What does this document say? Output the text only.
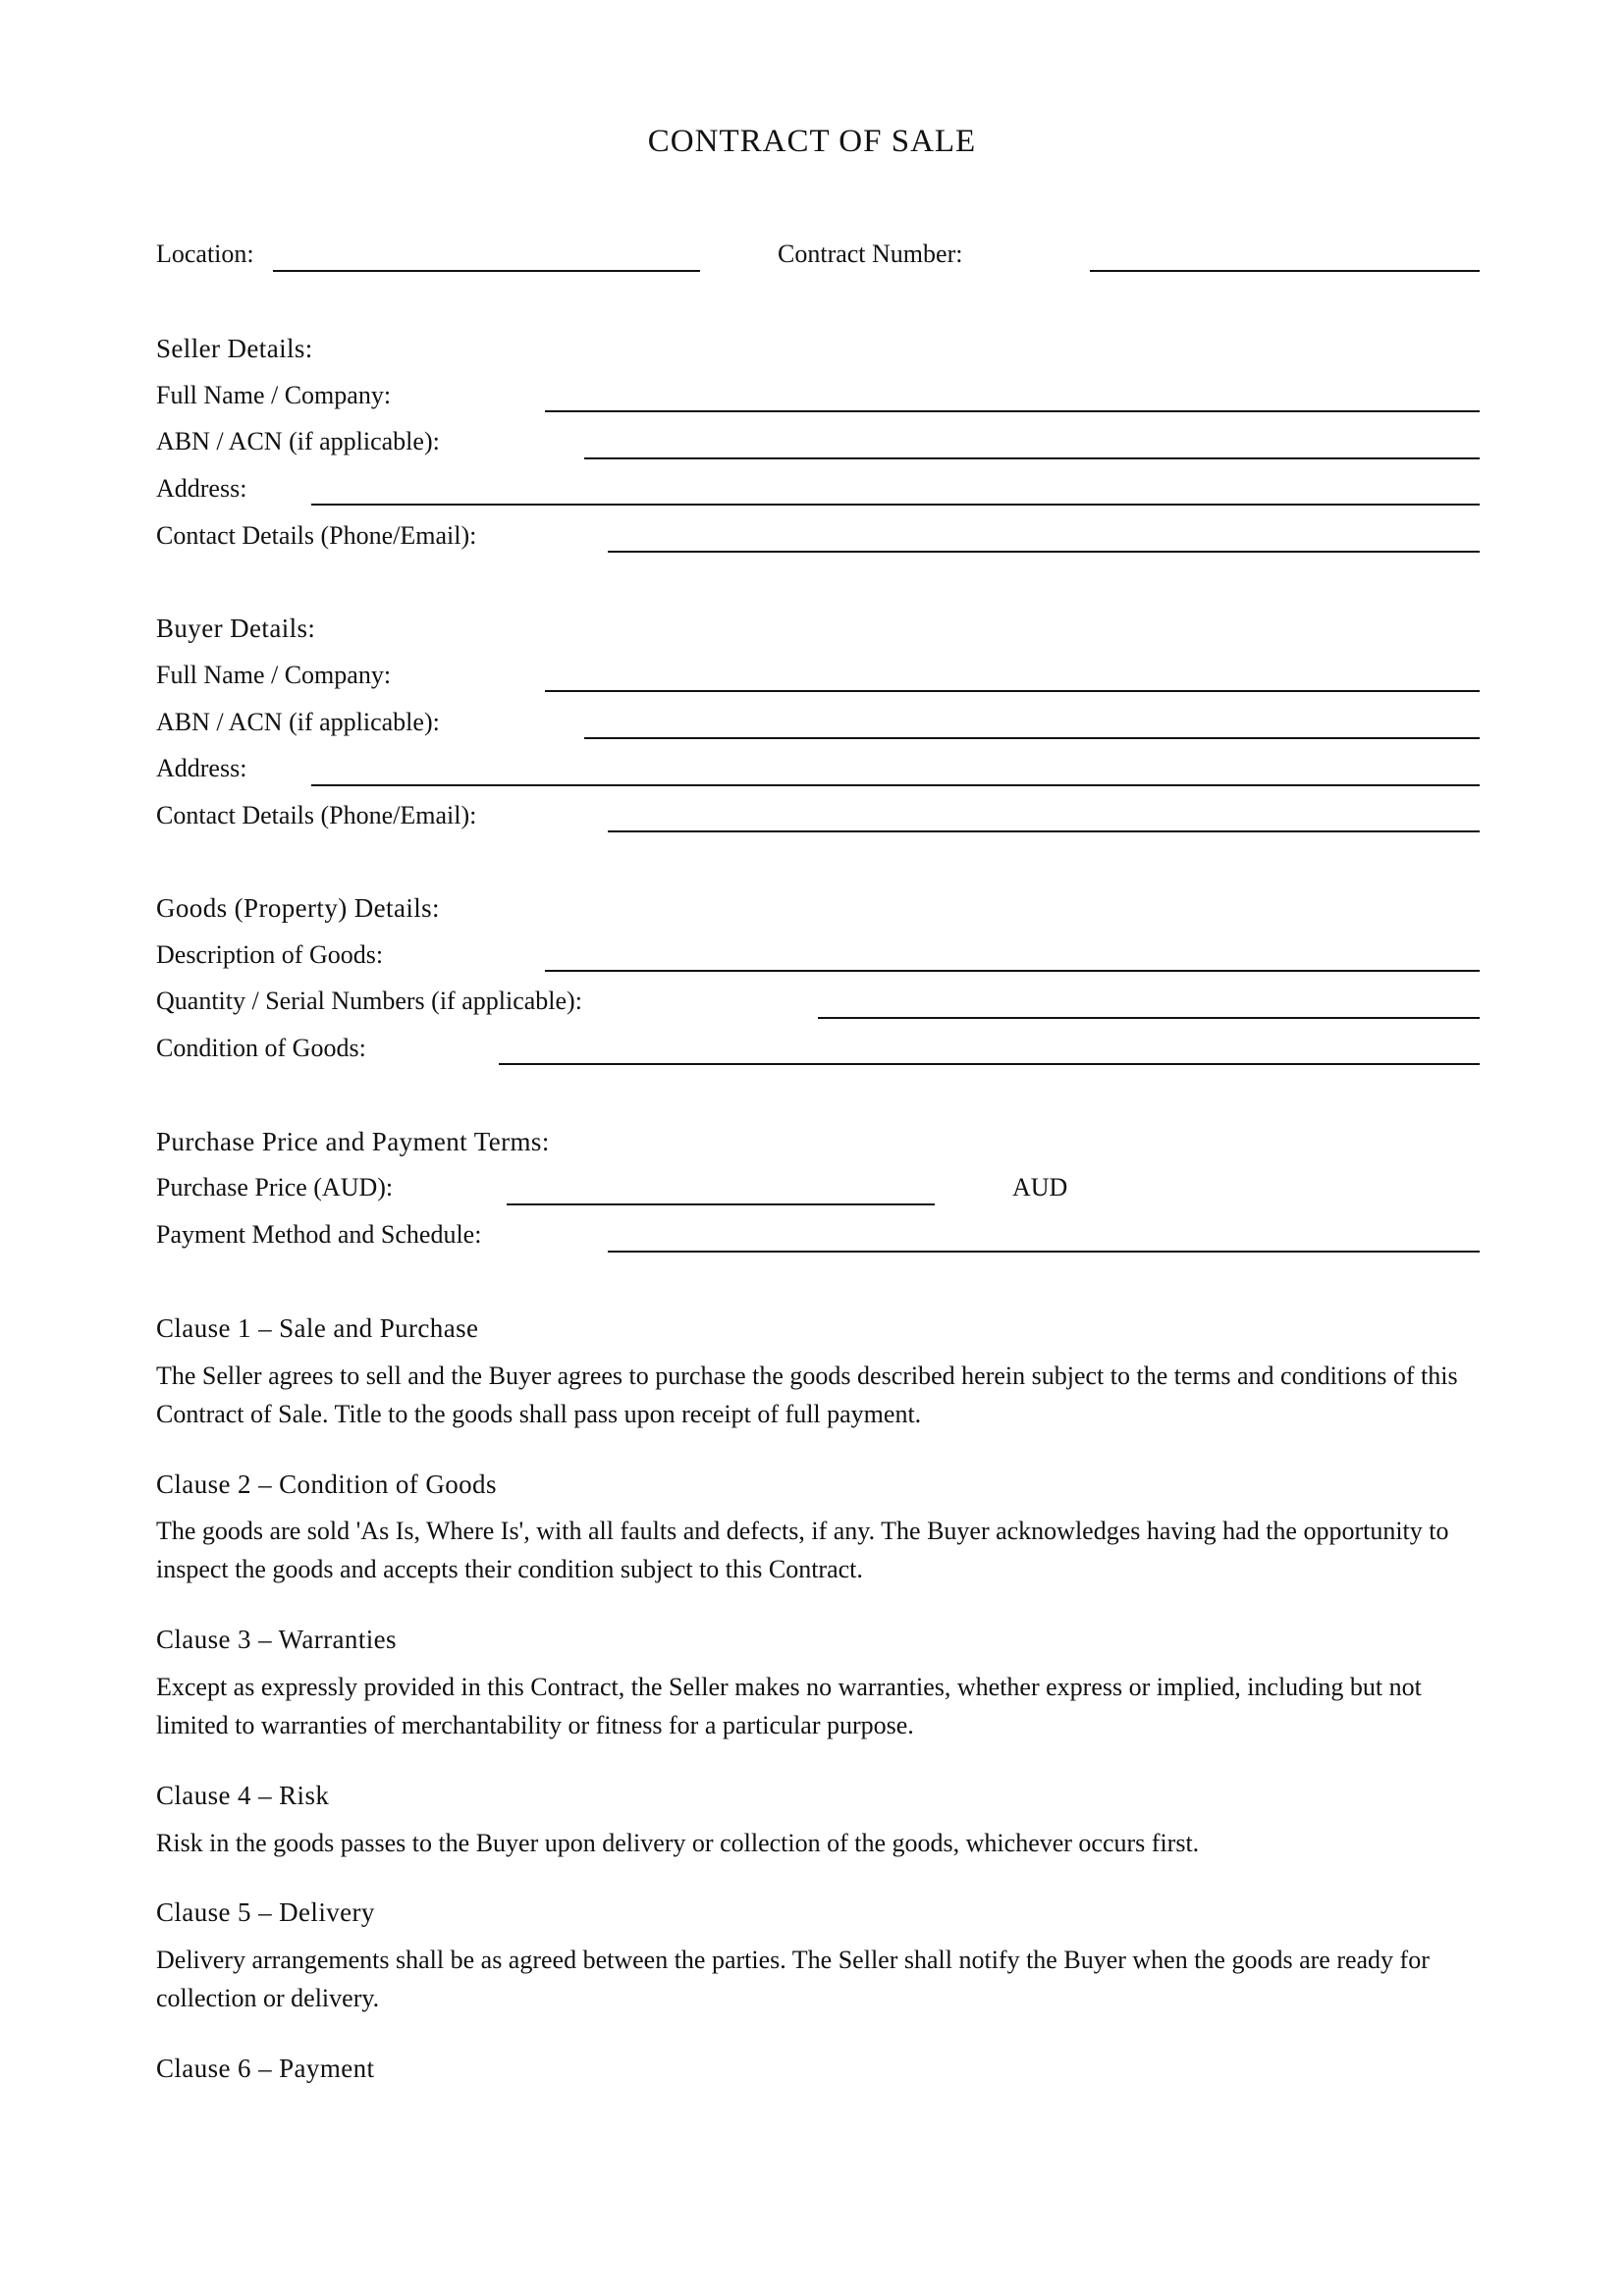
CONTRACT OF SALE
Location:	Contract Number:
Seller Details:
Full Name / Company:
ABN / ACN (if applicable):
Address:
Contact Details (Phone/Email):
Buyer Details:
Full Name / Company:
ABN / ACN (if applicable):
Address:
Contact Details (Phone/Email):
Goods (Property) Details:
Description of Goods:
Quantity / Serial Numbers (if applicable):
Condition of Goods:
Purchase Price and Payment Terms:
Purchase Price (AUD):	AUD
Payment Method and Schedule:
Clause 1 – Sale and Purchase
The Seller agrees to sell and the Buyer agrees to purchase the goods described herein subject to the terms and conditions of this Contract of Sale. Title to the goods shall pass upon receipt of full payment.
Clause 2 – Condition of Goods
The goods are sold 'As Is, Where Is', with all faults and defects, if any. The Buyer acknowledges having had the opportunity to inspect the goods and accepts their condition subject to this Contract.
Clause 3 – Warranties
Except as expressly provided in this Contract, the Seller makes no warranties, whether express or implied, including but not limited to warranties of merchantability or fitness for a particular purpose.
Clause 4 – Risk
Risk in the goods passes to the Buyer upon delivery or collection of the goods, whichever occurs first.
Clause 5 – Delivery
Delivery arrangements shall be as agreed between the parties. The Seller shall notify the Buyer when the goods are ready for collection or delivery.
Clause 6 – Payment
